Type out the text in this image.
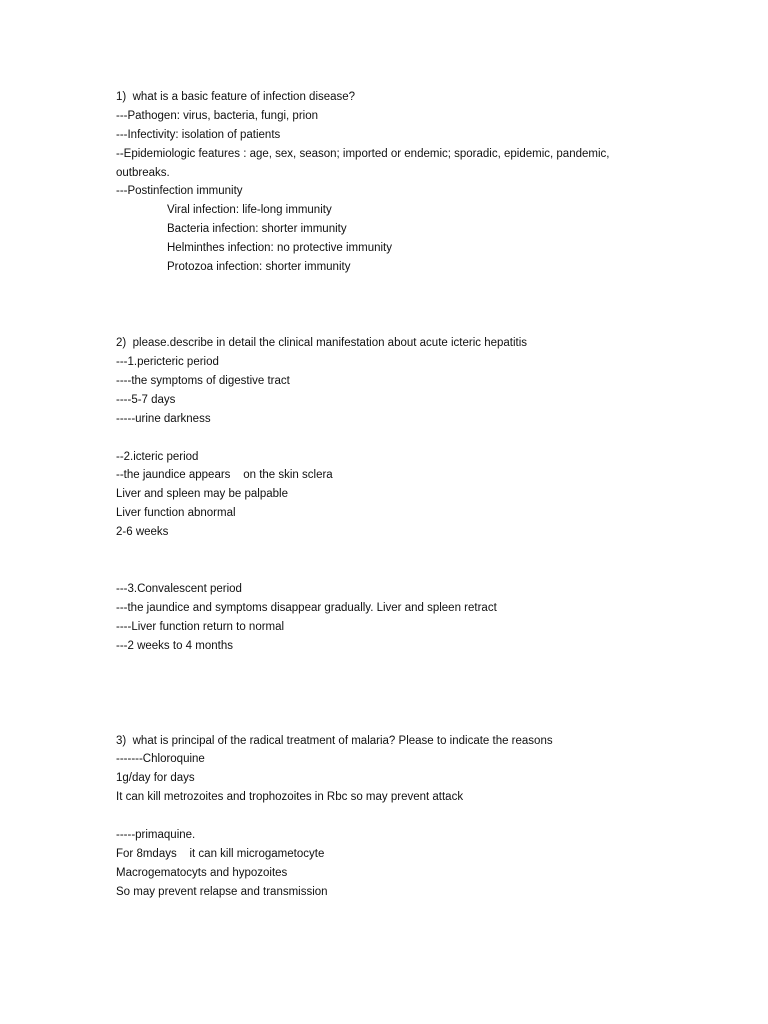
1)  what is a basic feature of infection disease?
---Pathogen: virus, bacteria, fungi, prion
---Infectivity: isolation of patients
--Epidemiologic features : age, sex, season; imported or endemic; sporadic, epidemic, pandemic,
outbreaks.
---Postinfection immunity
Viral infection: life-long immunity
Bacteria infection: shorter immunity
Helminthes infection: no protective immunity
Protozoa infection: shorter immunity
2)  please.describe in detail the clinical manifestation about acute icteric hepatitis
---1.pericteric period
----the symptoms of digestive tract
----5-7 days
-----urine darkness
--2.icteric period
--the jaundice appears    on the skin sclera
Liver and spleen may be palpable
Liver function abnormal
2-6 weeks
---3.Convalescent period
---the jaundice and symptoms disappear gradually. Liver and spleen retract
----Liver function return to normal
---2 weeks to 4 months
3)  what is principal of the radical treatment of malaria? Please to indicate the reasons
-------Chloroquine
1g/day for days
It can kill metrozoites and trophozoites in Rbc so may prevent attack
-----primaquine.
For 8mdays    it can kill microgametocyte
Macrogematocyts and hypozoites
So may prevent relapse and transmission
